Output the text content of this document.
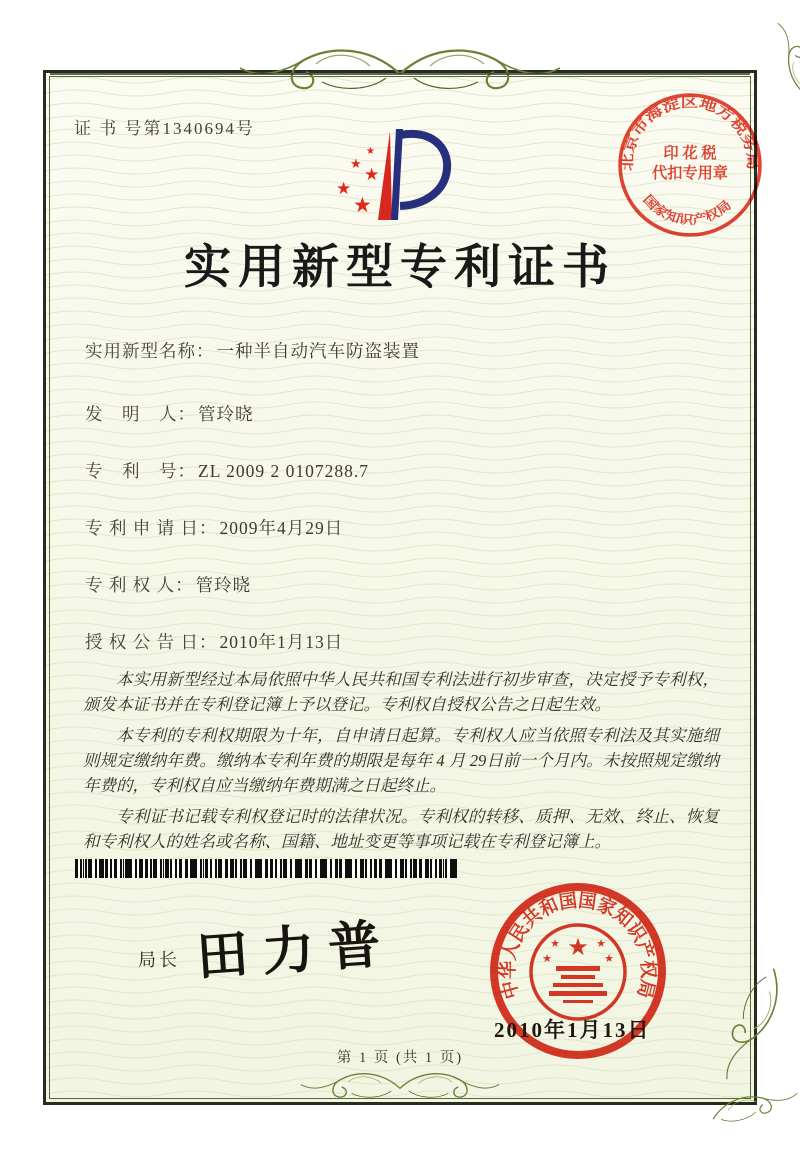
证 书 号第1340694号
北京市海淀区地方税务局
国家知识产权局
印 花 税
代扣专用章
★
★
★
★
★
实用新型专利证书
实用新型名称： 一种半自动汽车防盗装置
发　明　人： 管玲晓
专　利　号： ZL 2009 2 0107288.7
专 利 申 请 日： 2009年4月29日
专 利 权 人： 管玲晓
授 权 公 告 日： 2010年1月13日

本实用新型经过本局依照中华人民共和国专利法进行初步审查，决定授予专利权，颁发本证书并在专利登记簿上予以登记。专利权自授权公告之日起生效。

本专利的专利权期限为十年，自申请日起算。专利权人应当依照专利法及其实施细则规定缴纳年费。缴纳本专利年费的期限是每年 4 月 29日前一个月内。未按照规定缴纳年费的，专利权自应当缴纳年费期满之日起终止。

专利证书记载专利权登记时的法律状况。专利权的转移、质押、无效、终止、恢复和专利权人的姓名或名称、国籍、地址变更等事项记载在专利登记簿上。

局长 田力普
中华人民共和国国家知识产权局
★
★	★
★	★
2010年1月13日
第 1 页 (共 1 页)
